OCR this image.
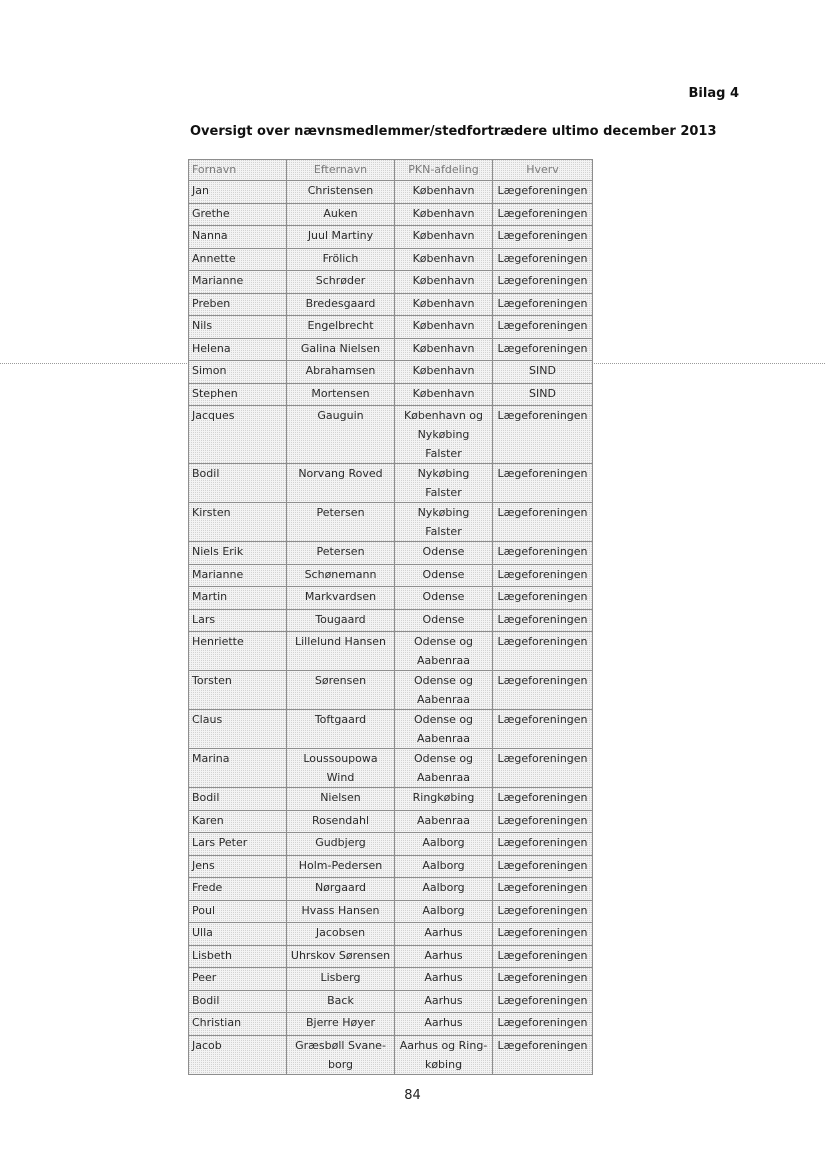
Bilag 4
Oversigt over nævnsmedlemmer/stedfortrædere ultimo december 2013
Fornavn	Efternavn	PKN-afdeling	Hverv
Jan	Christensen	København	Lægeforeningen
Grethe	Auken	København	Lægeforeningen
Nanna	Juul Martiny	København	Lægeforeningen
Annette	Frölich	København	Lægeforeningen
Marianne	Schrøder	København	Lægeforeningen
Preben	Bredesgaard	København	Lægeforeningen
Nils	Engelbrecht	København	Lægeforeningen
Helena	Galina Nielsen	København	Lægeforeningen
Simon	Abrahamsen	København	SIND
Stephen	Mortensen	København	SIND
Jacques	Gauguin	København og Nykøbing Falster	Lægeforeningen
Bodil	Norvang Roved	Nykøbing Falster	Lægeforeningen
Kirsten	Petersen	Nykøbing Falster	Lægeforeningen
Niels Erik	Petersen	Odense	Lægeforeningen
Marianne	Schønemann	Odense	Lægeforeningen
Martin	Markvardsen	Odense	Lægeforeningen
Lars	Tougaard	Odense	Lægeforeningen
Henriette	Lillelund Hansen	Odense og Aabenraa	Lægeforeningen
Torsten	Sørensen	Odense og Aabenraa	Lægeforeningen
Claus	Toftgaard	Odense og Aabenraa	Lægeforeningen
Marina	Loussoupowa Wind	Odense og Aabenraa	Lægeforeningen
Bodil	Nielsen	Ringkøbing	Lægeforeningen
Karen	Rosendahl	Aabenraa	Lægeforeningen
Lars Peter	Gudbjerg	Aalborg	Lægeforeningen
Jens	Holm-Pedersen	Aalborg	Lægeforeningen
Frede	Nørgaard	Aalborg	Lægeforeningen
Poul	Hvass Hansen	Aalborg	Lægeforeningen
Ulla	Jacobsen	Aarhus	Lægeforeningen
Lisbeth	Uhrskov Sørensen	Aarhus	Lægeforeningen
Peer	Lisberg	Aarhus	Lægeforeningen
Bodil	Back	Aarhus	Lægeforeningen
Christian	Bjerre Høyer	Aarhus	Lægeforeningen
Jacob	Græsbøll Svane-borg	Aarhus og Ring-købing	Lægeforeningen
84
